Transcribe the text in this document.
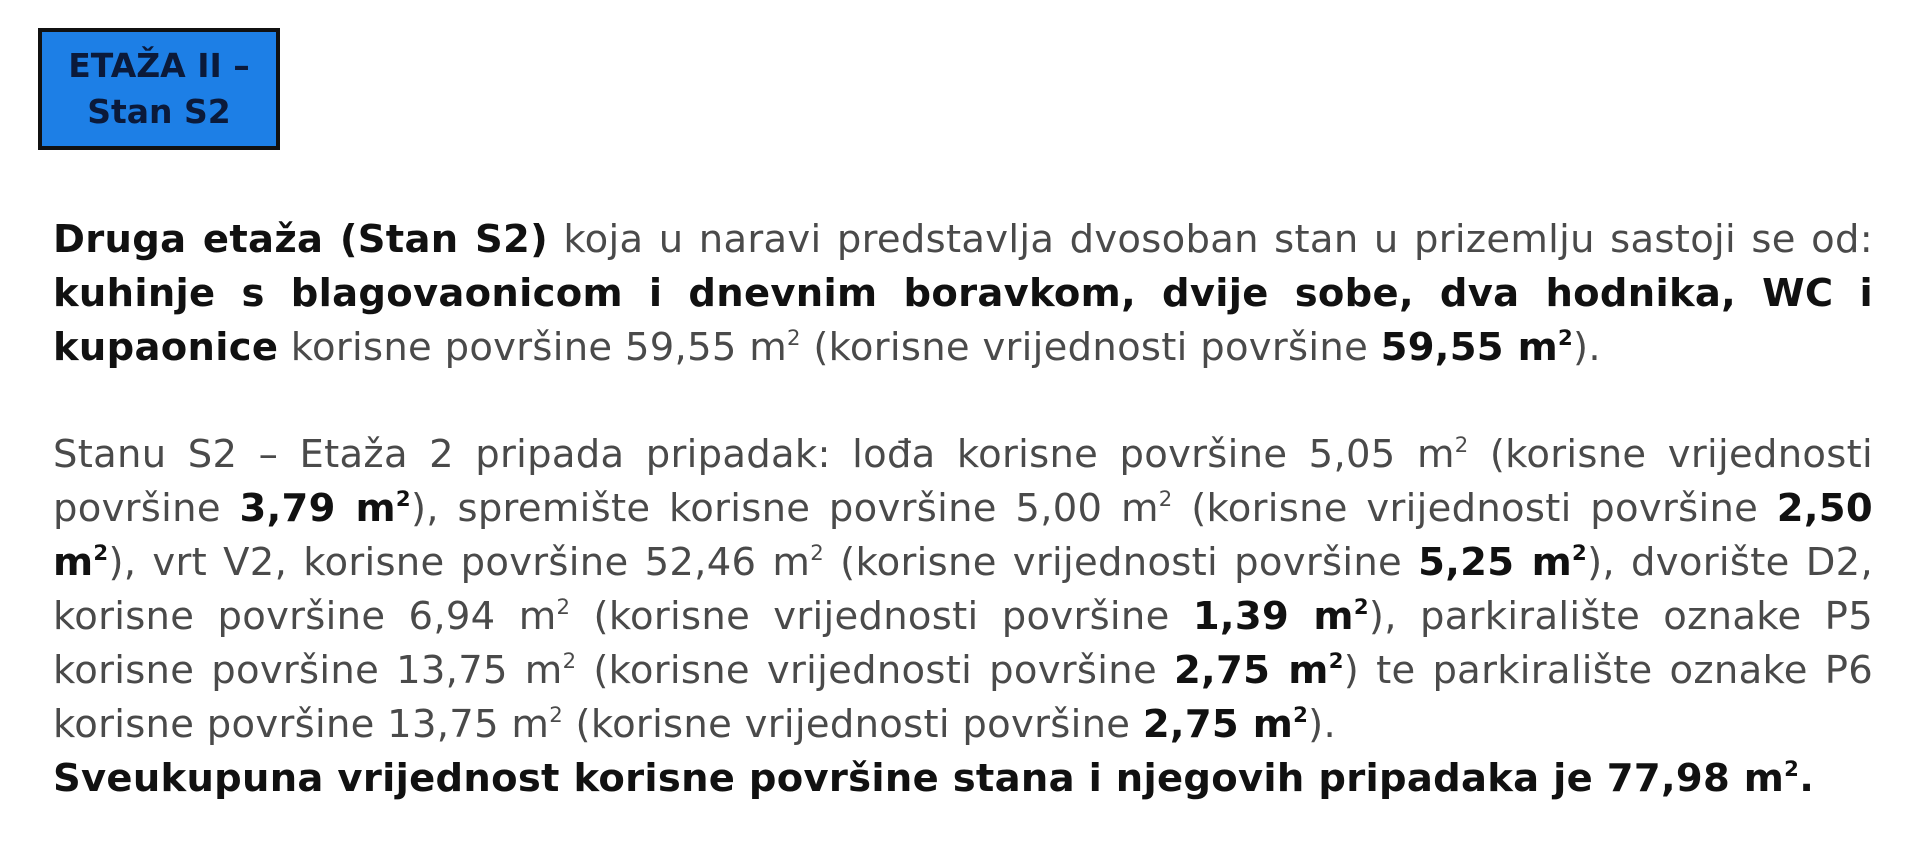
ETAŽA II –
Stan S2

Druga etaža (Stan S2) koja u naravi predstavlja dvosoban stan u prizemlju sastoji se od: kuhinje s blagovaonicom i dnevnim boravkom, dvije sobe, dva hodnika, WC i kupaonice korisne površine 59,55 $m^2$ (korisne vrijednosti površine 59,55 $m^2$).

Stanu S2 – Etaža 2 pripada pripadak: lođa korisne površine 5,05 $m^2$ (korisne vrijednosti površine 3,79 $m^2$), spremište korisne površine 5,00 $m^2$ (korisne vrijednosti površine 2,50 $m^2$), vrt V2, korisne površine 52,46 $m^2$ (korisne vrijednosti površine 5,25 $m^2$), dvorište D2, korisne površine 6,94 $m^2$ (korisne vrijednosti površine 1,39 $m^2$), parkiralište oznake P5 korisne površine 13,75 $m^2$ (korisne vrijednosti površine 2,75 $m^2$) te parkiralište oznake P6 korisne površine 13,75 $m^2$ (korisne vrijednosti površine 2,75 $m^2$).

Sveukupuna vrijednost korisne površine stana i njegovih pripadaka je 77,98 $m^2$.
